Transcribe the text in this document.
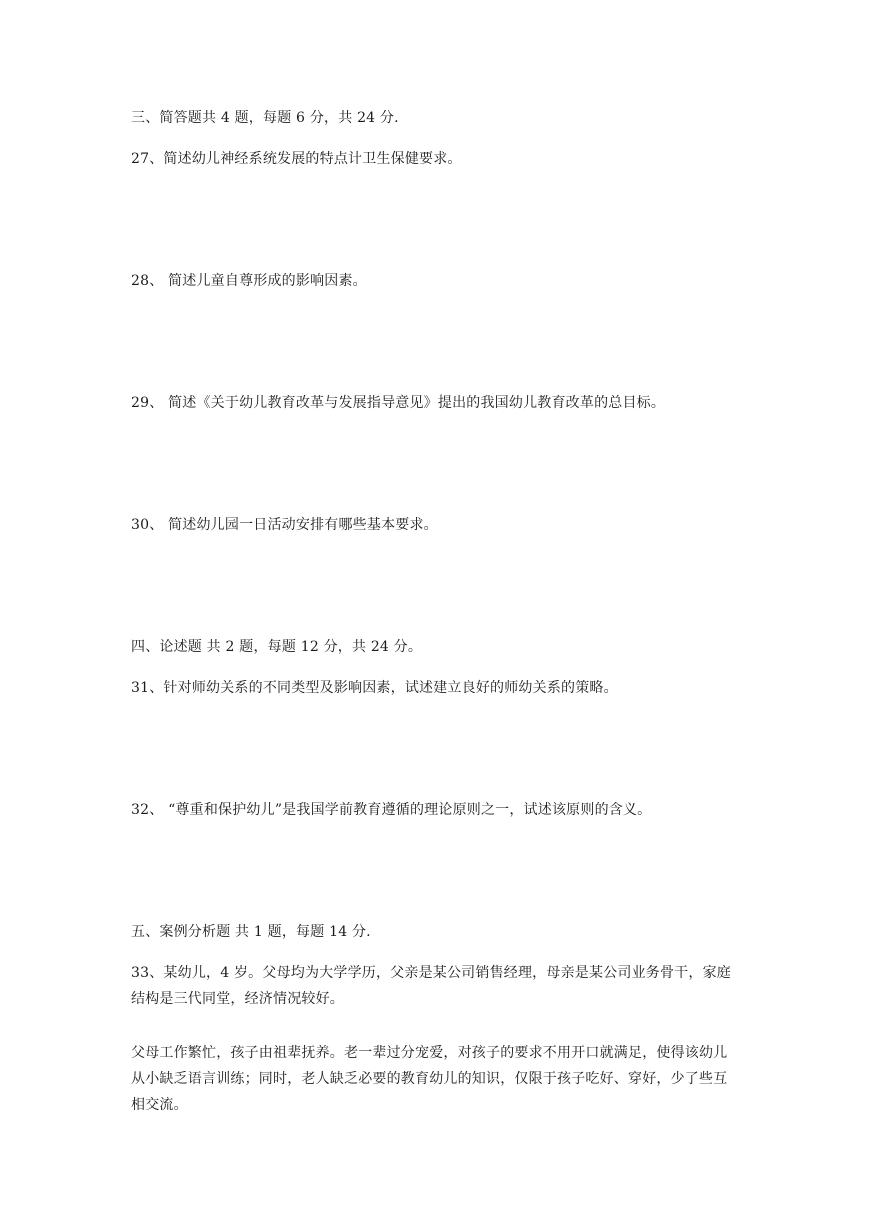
三、简答题共 4 题，每题 6 分，共 24 分.
27、简述幼儿神经系统发展的特点计卫生保健要求。
28、 简述儿童自尊形成的影响因素。
29、 简述《关于幼儿教育改革与发展指导意见》提出的我国幼儿教育改革的总目标。
30、 简述幼儿园一日活动安排有哪些基本要求。
四、论述题 共 2 题，每题 12 分，共 24 分。
31、针对师幼关系的不同类型及影响因素，试述建立良好的师幼关系的策略。
32、 “尊重和保护幼儿”是我国学前教育遵循的理论原则之一，试述该原则的含义。
五、案例分析题 共 1 题，每题 14 分.
33、某幼儿，4 岁。父母均为大学学历，父亲是某公司销售经理，母亲是某公司业务骨干，家庭结构是三代同堂，经济情况较好。
父母工作繁忙，孩子由祖辈抚养。老一辈过分宠爱，对孩子的要求不用开口就满足，使得该幼儿从小缺乏语言训练；同时，老人缺乏必要的教育幼儿的知识，仅限于孩子吃好、穿好，少了些互相交流。
